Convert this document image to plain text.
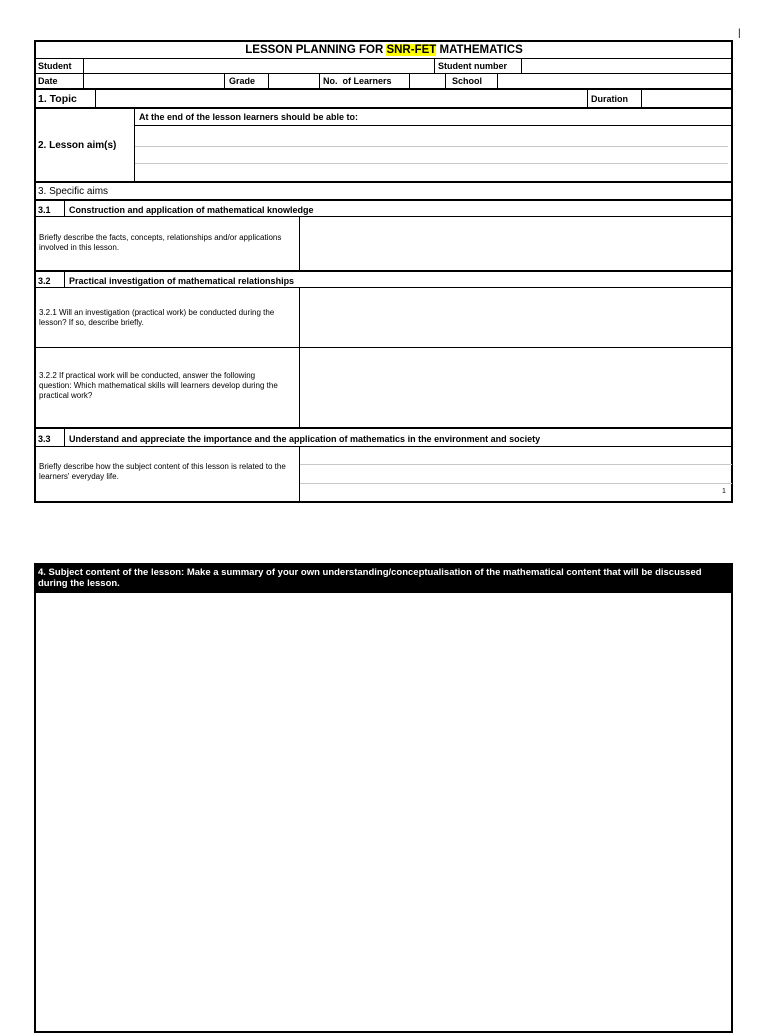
|
LESSON PLANNING FOR SNR-FET MATHEMATICS
Student	Student number
Date	Grade	No.  of Learners	School
1. Topic	Duration
2. Lesson aim(s)
At the end of the lesson learners should be able to:
3. Specific aims
3.1 Construction and application of mathematical knowledge
Briefly describe the facts, concepts, relationships and/or applications involved in this lesson.
3.2 Practical investigation of mathematical relationships
3.2.1 Will an investigation (practical work) be conducted during the lesson? If so, describe briefly.
3.2.2 If practical work will be conducted, answer the following question: Which mathematical skills will learners develop during the practical work?
3.3 Understand and appreciate the importance and the application of mathematics in the environment and society
Briefly describe how the subject content of this lesson is related to the learners' everyday life.
1
4. Subject content of the lesson: Make a summary of your own understanding/conceptualisation of the mathematical content that will be discussed during the lesson.
